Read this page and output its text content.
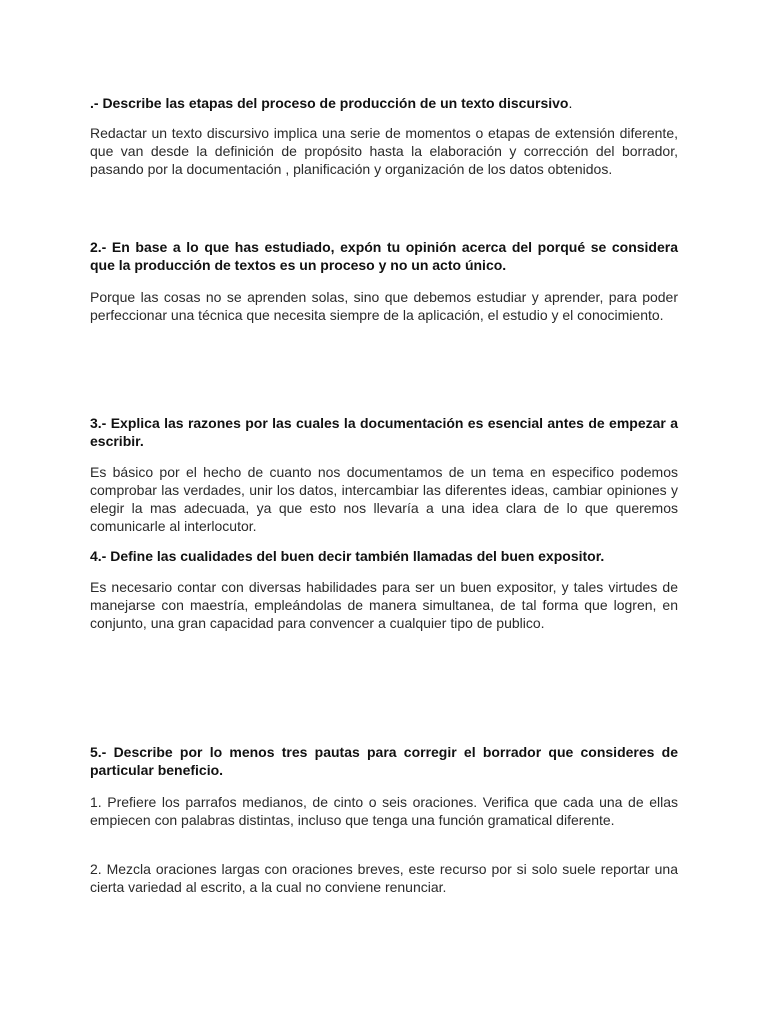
.- Describe las etapas del proceso de producción de un texto discursivo.

Redactar un texto discursivo implica una serie de momentos o etapas de extensión diferente, que van desde la definición de propósito hasta la elaboración y corrección del borrador, pasando por la documentación , planificación y organización de los datos obtenidos.

2.- En base a lo que has estudiado, expón tu opinión acerca del porqué se considera que la producción de textos es un proceso y no un acto único.

Porque las cosas no se aprenden solas, sino que debemos estudiar y aprender, para poder perfeccionar una técnica que necesita siempre de la aplicación, el estudio y el conocimiento.

3.- Explica las razones por las cuales la documentación es esencial antes de empezar a escribir.

Es básico por el hecho de cuanto nos documentamos de un tema en especifico podemos comprobar las verdades, unir los datos, intercambiar las diferentes ideas, cambiar opiniones y elegir la mas adecuada, ya que esto nos llevaría a una idea clara de lo que queremos comunicarle al interlocutor.

4.- Define las cualidades del buen decir también llamadas del buen expositor.

Es necesario contar con diversas habilidades para ser un buen expositor, y tales virtudes de manejarse con maestría, empleándolas de manera simultanea, de tal forma que logren, en conjunto, una gran capacidad para convencer a cualquier tipo de publico.

5.- Describe por lo menos tres pautas para corregir el borrador que consideres de particular beneficio.

1. Prefiere los parrafos medianos, de cinto o seis oraciones. Verifica que cada una de ellas empiecen con palabras distintas, incluso que tenga una función gramatical diferente.

2. Mezcla oraciones largas con oraciones breves, este recurso por si solo suele reportar una cierta variedad al escrito, a la cual no conviene renunciar.
